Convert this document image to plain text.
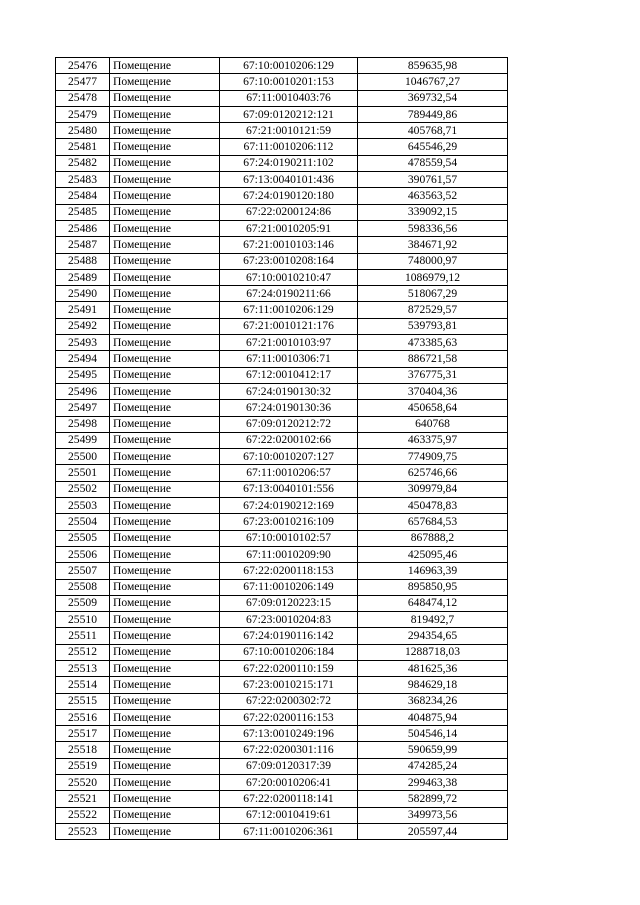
25476	Помещение	67:10:0010206:129	859635,98
25477	Помещение	67:10:0010201:153	1046767,27
25478	Помещение	67:11:0010403:76	369732,54
25479	Помещение	67:09:0120212:121	789449,86
25480	Помещение	67:21:0010121:59	405768,71
25481	Помещение	67:11:0010206:112	645546,29
25482	Помещение	67:24:0190211:102	478559,54
25483	Помещение	67:13:0040101:436	390761,57
25484	Помещение	67:24:0190120:180	463563,52
25485	Помещение	67:22:0200124:86	339092,15
25486	Помещение	67:21:0010205:91	598336,56
25487	Помещение	67:21:0010103:146	384671,92
25488	Помещение	67:23:0010208:164	748000,97
25489	Помещение	67:10:0010210:47	1086979,12
25490	Помещение	67:24:0190211:66	518067,29
25491	Помещение	67:11:0010206:129	872529,57
25492	Помещение	67:21:0010121:176	539793,81
25493	Помещение	67:21:0010103:97	473385,63
25494	Помещение	67:11:0010306:71	886721,58
25495	Помещение	67:12:0010412:17	376775,31
25496	Помещение	67:24:0190130:32	370404,36
25497	Помещение	67:24:0190130:36	450658,64
25498	Помещение	67:09:0120212:72	640768
25499	Помещение	67:22:0200102:66	463375,97
25500	Помещение	67:10:0010207:127	774909,75
25501	Помещение	67:11:0010206:57	625746,66
25502	Помещение	67:13:0040101:556	309979,84
25503	Помещение	67:24:0190212:169	450478,83
25504	Помещение	67:23:0010216:109	657684,53
25505	Помещение	67:10:0010102:57	867888,2
25506	Помещение	67:11:0010209:90	425095,46
25507	Помещение	67:22:0200118:153	146963,39
25508	Помещение	67:11:0010206:149	895850,95
25509	Помещение	67:09:0120223:15	648474,12
25510	Помещение	67:23:0010204:83	819492,7
25511	Помещение	67:24:0190116:142	294354,65
25512	Помещение	67:10:0010206:184	1288718,03
25513	Помещение	67:22:0200110:159	481625,36
25514	Помещение	67:23:0010215:171	984629,18
25515	Помещение	67:22:0200302:72	368234,26
25516	Помещение	67:22:0200116:153	404875,94
25517	Помещение	67:13:0010249:196	504546,14
25518	Помещение	67:22:0200301:116	590659,99
25519	Помещение	67:09:0120317:39	474285,24
25520	Помещение	67:20:0010206:41	299463,38
25521	Помещение	67:22:0200118:141	582899,72
25522	Помещение	67:12:0010419:61	349973,56
25523	Помещение	67:11:0010206:361	205597,44
